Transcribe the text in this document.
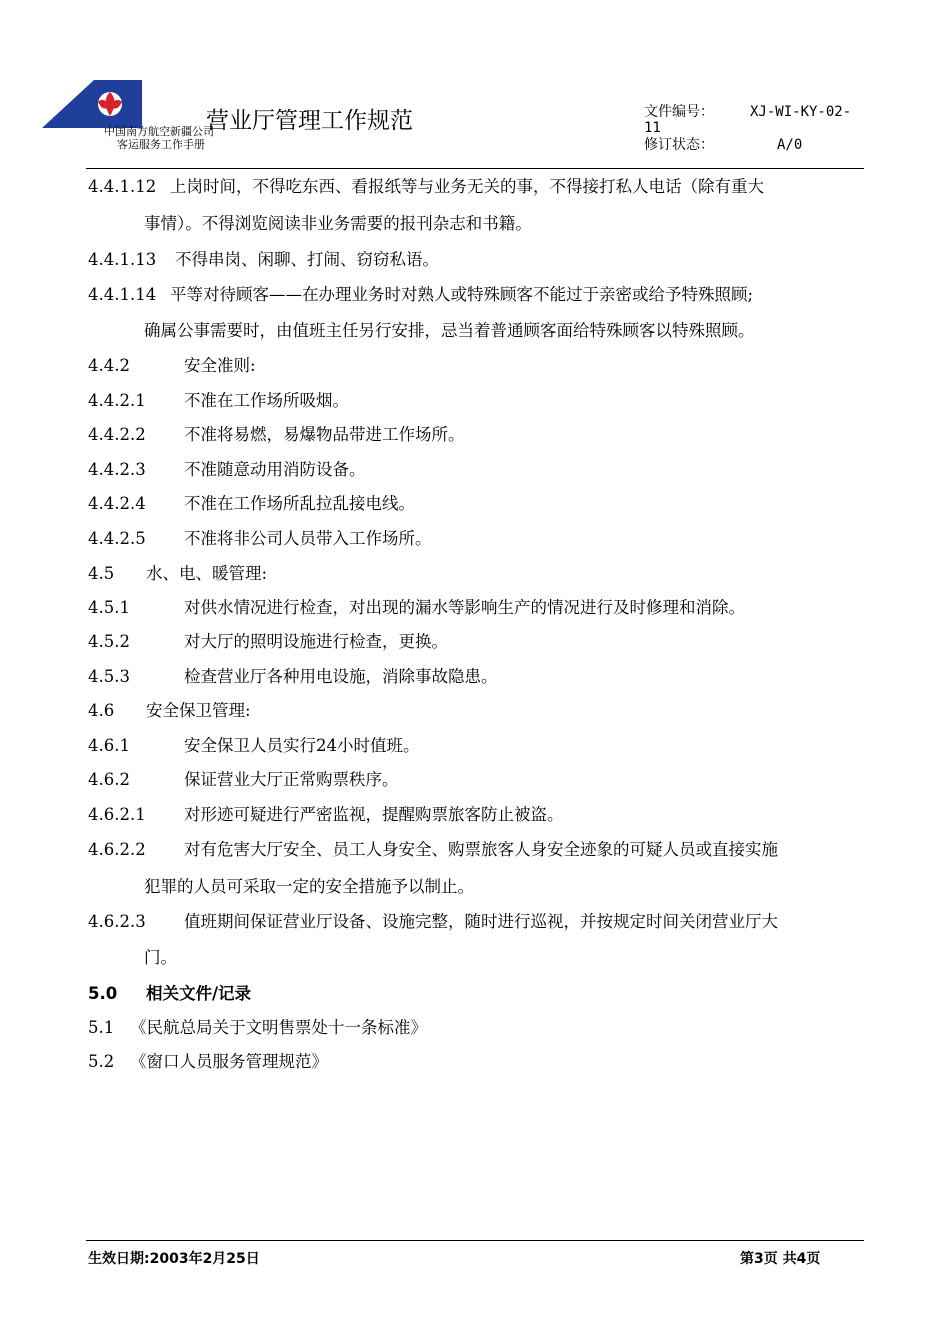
中国南方航空新疆公司
客运服务工作手册
营业厅管理工作规范	文件编号：	XJ-WI-KY-02-
11
修订状态：	A/0
4.4.1.12 上岗时间，不得吃东西、看报纸等与业务无关的事，不得接打私人电话（除有重大
事情）。不得浏览阅读非业务需要的报刊杂志和书籍。
4.4.1.13 不得串岗、闲聊、打闹、窃窃私语。
4.4.1.14 平等对待顾客——在办理业务时对熟人或特殊顾客不能过于亲密或给予特殊照顾;
确属公事需要时，由值班主任另行安排，忌当着普通顾客面给特殊顾客以特殊照顾。
4.4.2	安全准则:
4.4.2.1 不准在工作场所吸烟。
4.4.2.2 不准将易燃，易爆物品带进工作场所。
4.4.2.3 不准随意动用消防设备。
4.4.2.4 不准在工作场所乱拉乱接电线。
4.4.2.5 不准将非公司人员带入工作场所。
4.5 水、电、暖管理:
4.5.1	对供水情况进行检查，对出现的漏水等影响生产的情况进行及时修理和消除。
4.5.2	对大厅的照明设施进行检查，更换。
4.5.3	检查营业厅各种用电设施，消除事故隐患。
4.6 安全保卫管理:
4.6.1	安全保卫人员实行24小时值班。
4.6.2	保证营业大厅正常购票秩序。
4.6.2.1 对形迹可疑进行严密监视，提醒购票旅客防止被盗。
4.6.2.2 对有危害大厅安全、员工人身安全、购票旅客人身安全迹象的可疑人员或直接实施
犯罪的人员可采取一定的安全措施予以制止。
4.6.2.3 值班期间保证营业厅设备、设施完整，随时进行巡视，并按规定时间关闭营业厅大
门。
5.0 相关文件/记录
5.1 《民航总局关于文明售票处十一条标准》
5.2 《窗口人员服务管理规范》
生效日期:2003年2月25日	第3页 共4页
